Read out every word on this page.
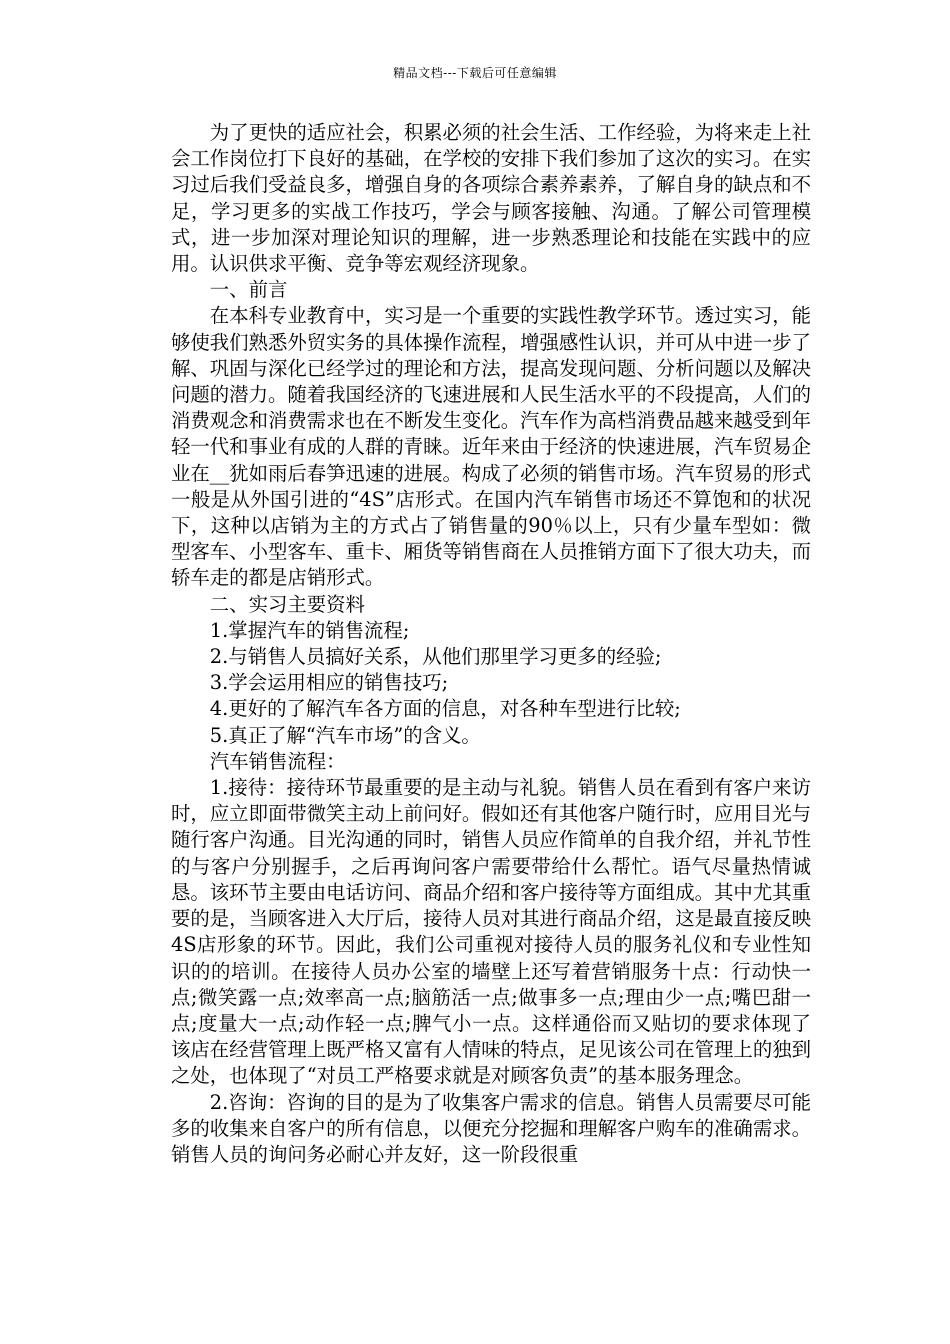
精品文档---下载后可任意编辑

为了更快的适应社会，积累必须的社会生活、工作经验，为将来走上社会工作岗位打下良好的基础，在学校的安排下我们参加了这次的实习。在实习过后我们受益良多，增强自身的各项综合素养素养，了解自身的缺点和不足，学习更多的实战工作技巧，学会与顾客接触、沟通。了解公司管理模式，进一步加深对理论知识的理解，进一步熟悉理论和技能在实践中的应用。认识供求平衡、竞争等宏观经济现象。

一、前言

在本科专业教育中，实习是一个重要的实践性教学环节。透过实习，能够使我们熟悉外贸实务的具体操作流程，增强感性认识，并可从中进一步了解、巩固与深化已经学过的理论和方法，提高发现问题、分析问题以及解决问题的潜力。随着我国经济的飞速进展和人民生活水平的不段提高，人们的消费观念和消费需求也在不断发生变化。汽车作为高档消费品越来越受到年轻一代和事业有成的人群的青睐。近年来由于经济的快速进展，汽车贸易企业在__犹如雨后春笋迅速的进展。构成了必须的销售市场。汽车贸易的形式一般是从外国引进的“4S”店形式。在国内汽车销售市场还不算饱和的状况下，这种以店销为主的方式占了销售量的90％以上，只有少量车型如：微型客车、小型客车、重卡、厢货等销售商在人员推销方面下了很大功夫，而轿车走的都是店销形式。

二、实习主要资料

1.掌握汽车的销售流程;

2.与销售人员搞好关系，从他们那里学习更多的经验;

3.学会运用相应的销售技巧;

4.更好的了解汽车各方面的信息，对各种车型进行比较;

5.真正了解“汽车市场”的含义。

汽车销售流程：

1.接待：接待环节最重要的是主动与礼貌。销售人员在看到有客户来访时，应立即面带微笑主动上前问好。假如还有其他客户随行时，应用目光与随行客户沟通。目光沟通的同时，销售人员应作简单的自我介绍，并礼节性的与客户分别握手，之后再询问客户需要带给什么帮忙。语气尽量热情诚恳。该环节主要由电话访问、商品介绍和客户接待等方面组成。其中尤其重要的是，当顾客进入大厅后，接待人员对其进行商品介绍，这是最直接反映4S店形象的环节。因此，我们公司重视对接待人员的服务礼仪和专业性知识的的培训。在接待人员办公室的墙壁上还写着营销服务十点：行动快一点;微笑露一点;效率高一点;脑筋活一点;做事多一点;理由少一点;嘴巴甜一点;度量大一点;动作轻一点;脾气小一点。这样通俗而又贴切的要求体现了该店在经营管理上既严格又富有人情味的特点，足见该公司在管理上的独到之处，也体现了“对员工严格要求就是对顾客负责”的基本服务理念。

2.咨询：咨询的目的是为了收集客户需求的信息。销售人员需要尽可能多的收集来自客户的所有信息，以便充分挖掘和理解客户购车的准确需求。销售人员的询问务必耐心并友好，这一阶段很重
